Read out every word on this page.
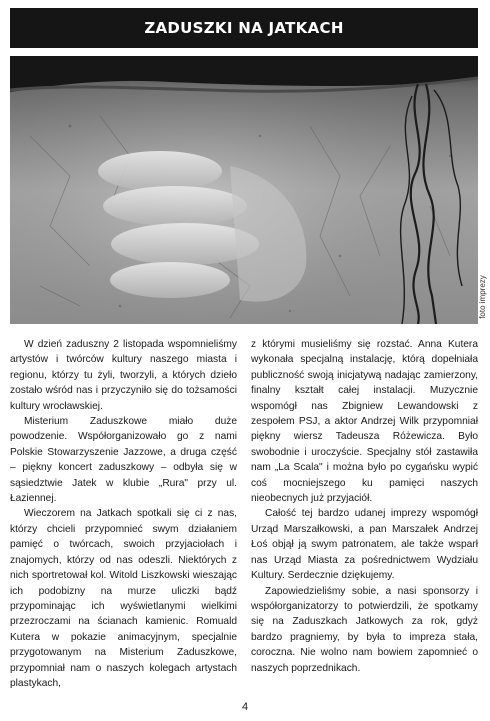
ZADUSZKI NA JATKACH
foto imprezy

W dzień zaduszny 2 listopada wspomnieliśmy artystów i twórców kultury naszego miasta i regionu, którzy tu żyli, tworzyli, a których dzieło zostało wśród nas i przyczyniło się do tożsamości kultury wrocławskiej.

Misterium Zaduszkowe miało duże powodzenie. Współorganizowało go z nami Polskie Stowarzyszenie Jazzowe, a druga część – piękny koncert zaduszkowy – odbyła się w sąsiedztwie Jatek w klubie „Rura" przy ul. Łaziennej.

Wieczorem na Jatkach spotkali się ci z nas, którzy chcieli przypomnieć swym działaniem pamięć o twórcach, swoich przyjaciołach i znajomych, którzy od nas odeszli. Niektórych z nich sportretował kol. Witold Liszkowski wieszając ich podobizny na murze uliczki bądź przypominając ich wyświetlanymi wielkimi przezroczami na ścianach kamienic. Romuald Kutera w pokazie animacyjnym, specjalnie przygotowanym na Misterium Zaduszkowe, przypomniał nam o naszych kolegach artystach plastykach,

z którymi musieliśmy się rozstać. Anna Kutera wykonała specjalną instalację, którą dopełniała publiczność swoją inicjatywą nadając zamierzony, finalny kształt całej instalacji. Muzycznie wspomógł nas Zbigniew Lewandowski z zespołem PSJ, a aktor Andrzej Wilk przypomniał piękny wiersz Tadeusza Różewicza. Było swobodnie i uroczyście. Specjalny stół zastawiła nam „La Scala" i można było po cygańsku wypić coś mocniejszego ku pamięci naszych nieobecnych już przyjaciół.

Całość tej bardzo udanej imprezy wspomógł Urząd Marszałkowski, a pan Marszałek Andrzej Łoś objął ją swym patronatem, ale także wsparł nas Urząd Miasta za pośrednictwem Wydziału Kultury. Serdecznie dziękujemy.

Zapowiedzieliśmy sobie, a nasi sponsorzy i współorganizatorzy to potwierdzili, że spotkamy się na Zaduszkach Jatkowych za rok, gdyż bardzo pragniemy, by była to impreza stała, coroczna. Nie wolno nam bowiem zapomnieć o naszych poprzednikach.

4
